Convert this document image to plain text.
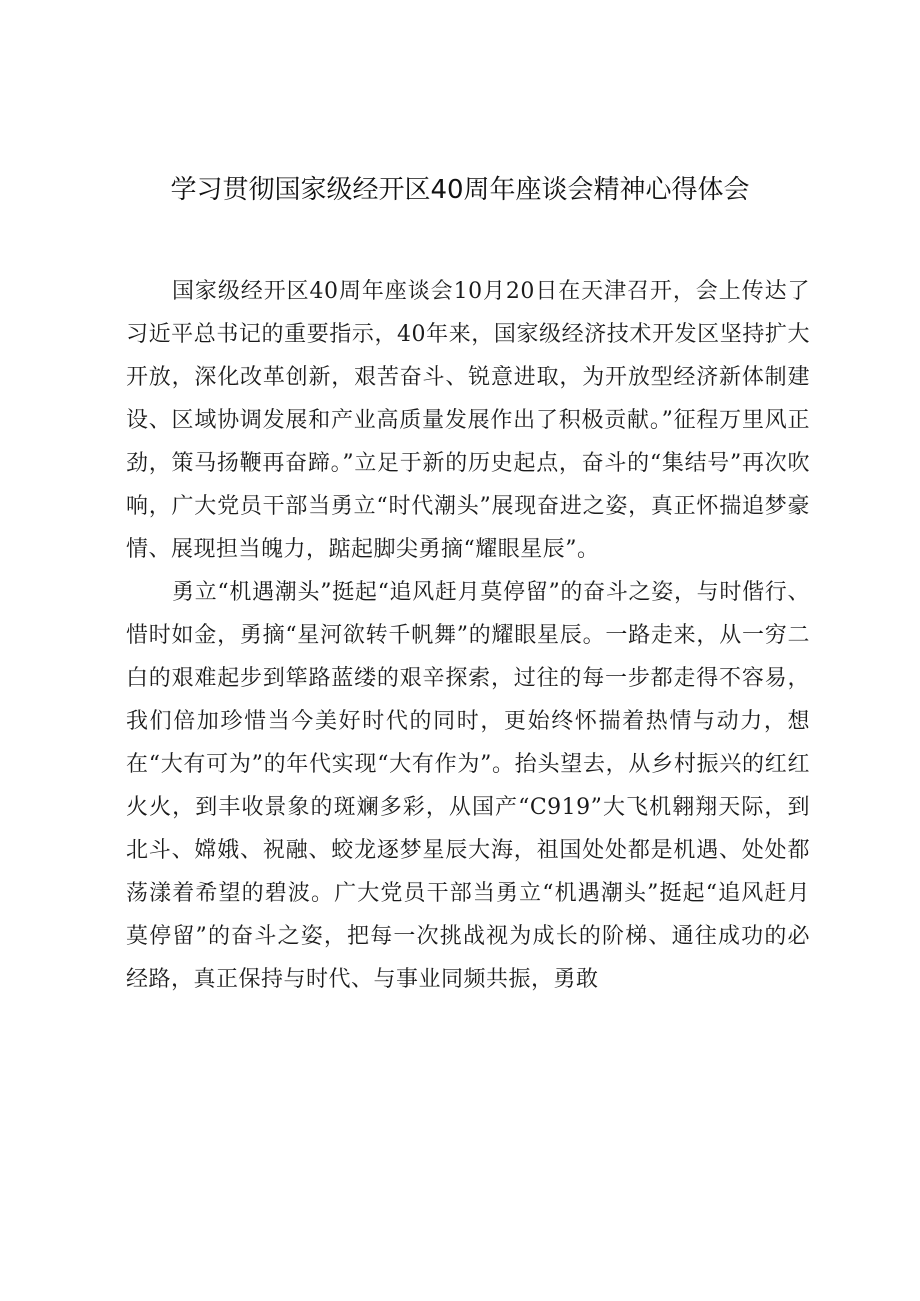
学习贯彻国家级经开区40周年座谈会精神心得体会

国家级经开区40周年座谈会10月20日在天津召开，会上传达了习近平总书记的重要指示，40年来，国家级经济技术开发区坚持扩大开放，深化改革创新，艰苦奋斗、锐意进取，为开放型经济新体制建设、区域协调发展和产业高质量发展作出了积极贡献。”征程万里风正劲，策马扬鞭再奋蹄。”立足于新的历史起点，奋斗的“集结号”再次吹响，广大党员干部当勇立“时代潮头”展现奋进之姿，真正怀揣追梦豪情、展现担当魄力，踮起脚尖勇摘“耀眼星辰”。

勇立“机遇潮头”挺起“追风赶月莫停留”的奋斗之姿，与时偕行、惜时如金，勇摘“星河欲转千帆舞”的耀眼星辰。一路走来，从一穷二白的艰难起步到筚路蓝缕的艰辛探索，过往的每一步都走得不容易，我们倍加珍惜当今美好时代的同时，更始终怀揣着热情与动力，想在“大有可为”的年代实现“大有作为”。抬头望去，从乡村振兴的红红火火，到丰收景象的斑斓多彩，从国产“C919”大飞机翱翔天际，到北斗、嫦娥、祝融、蛟龙逐梦星辰大海，祖国处处都是机遇、处处都荡漾着希望的碧波。广大党员干部当勇立“机遇潮头”挺起“追风赶月莫停留”的奋斗之姿，把每一次挑战视为成长的阶梯、通往成功的必经路，真正保持与时代、与事业同频共振，勇敢
